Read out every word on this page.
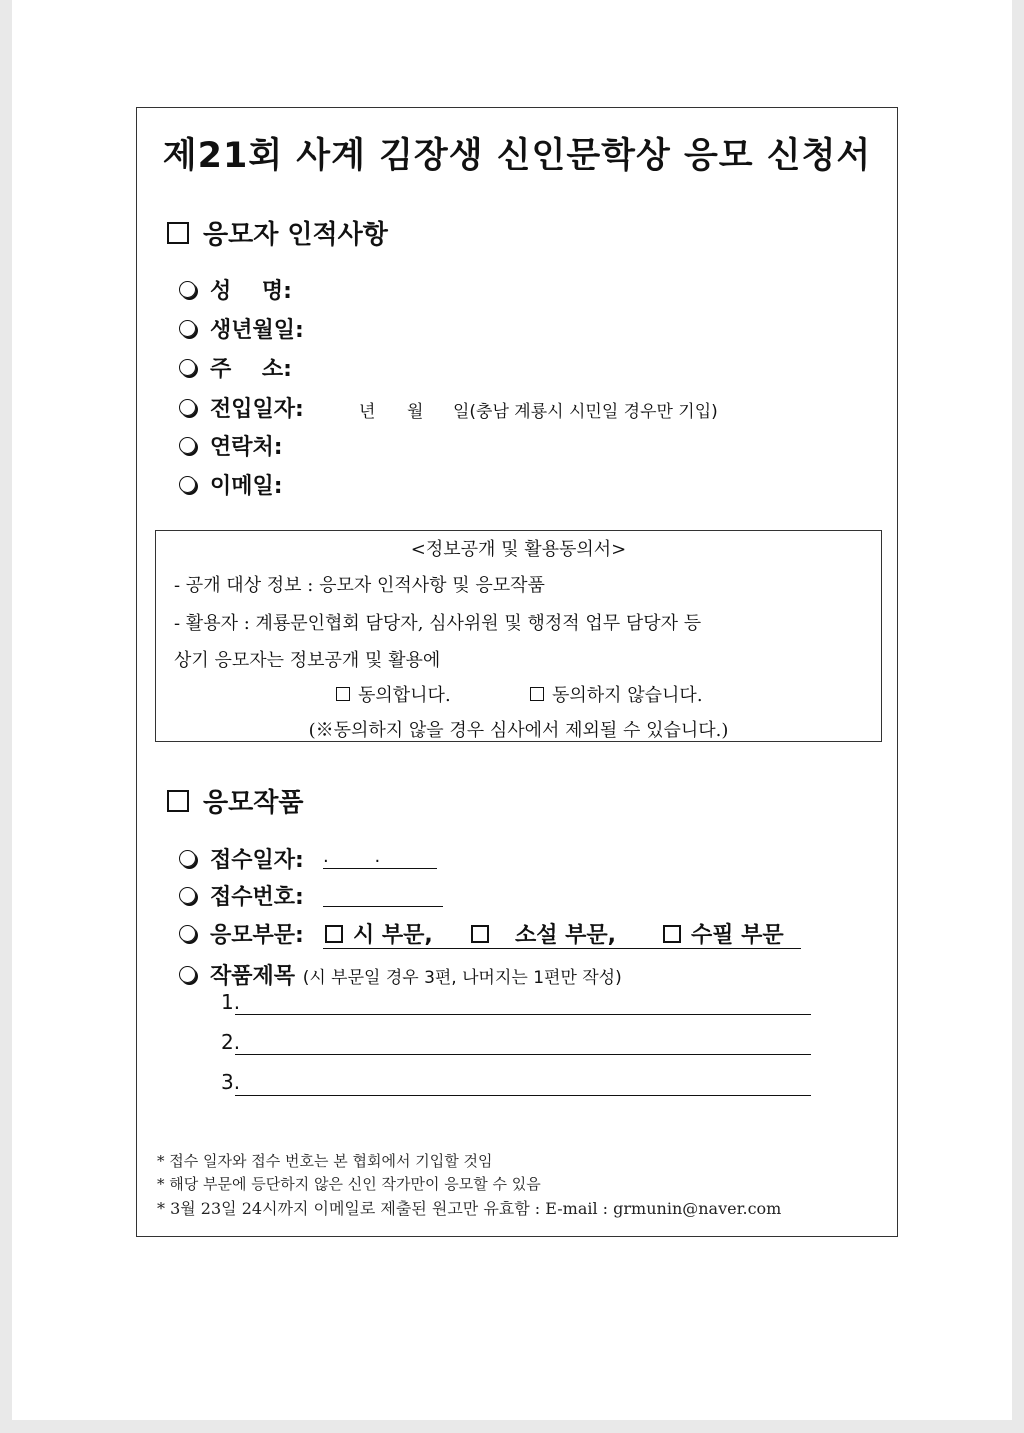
제21회 사계 김장생 신인문학상 응모 신청서
응모자 인적사항
성    명:
생년월일:
주    소:
전입일자:	년 월 일(충남 계룡시 시민일 경우만 기입)
연락처:
이메일:
<정보공개 및 활용동의서>
- 공개 대상 정보 : 응모자 인적사항 및 응모작품
- 활용자 : 계룡문인협회 담당자, 심사위원 및 행정적 업무 담당자 등
상기 응모자는 정보공개 및 활용에
동의합니다.	동의하지 않습니다.
(※동의하지 않을 경우 심사에서 제외될 수 있습니다.)
응모작품
접수일자: .        .
접수번호:
응모부문:	시 부문,	소설 부문,	수필 부문
작품제목 (시 부문일 경우 3편, 나머지는 1편만 작성)
1.
2.
3.
* 접수 일자와 접수 번호는 본 협회에서 기입할 것임
* 해당 부문에 등단하지 않은 신인 작가만이 응모할 수 있음
* 3월 23일 24시까지 이메일로 제출된 원고만 유효함 : E-mail : grmunin@naver.com
